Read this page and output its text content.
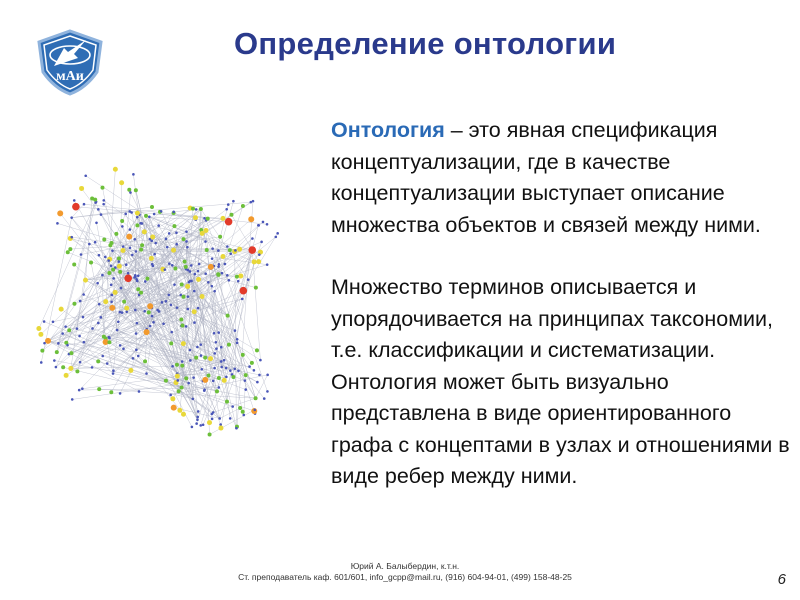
мАи
Определение онтологии

Онтология – это явная спецификация концептуализации, где в качестве концептуализации выступает описание множества объектов и связей между ними.

Множество терминов описывается и упорядочивается на принципах таксономии, т.е. классификации и систематизации. Онтология может быть визуально представлена в виде ориентированного графа с концептами в узлах и отношениями в виде ребер между ними.

Юрий А. Балыбердин, к.т.н.
Ст. преподаватель каф. 601/601, info_gcpp@mail.ru, (916) 604-94-01, (499) 158-48-25	6
